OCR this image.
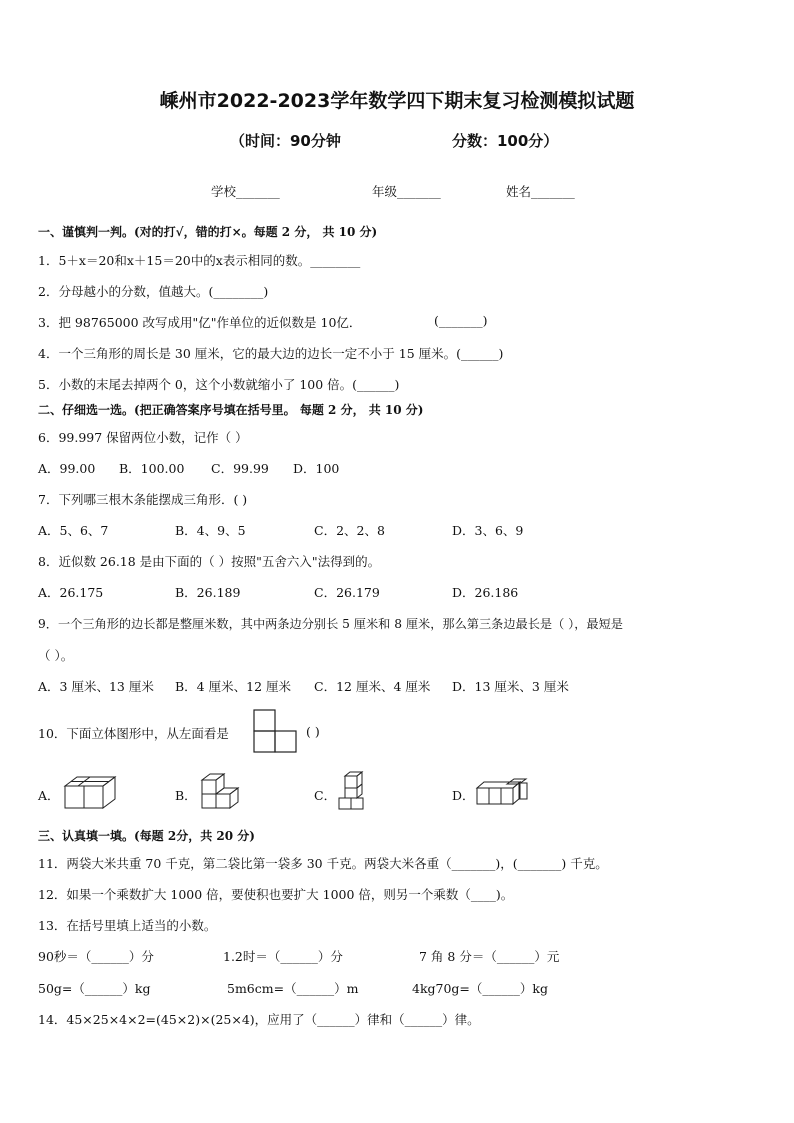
嵊州市2022-2023学年数学四下期末复习检测模拟试题
（时间：90分钟	分数：100分）
学校_______	年级_______	姓名_______
一、谨慎判一判。(对的打√，错的打×。每题 2 分， 共 10 分)
1．5＋x＝20和x＋15＝20中的x表示相同的数。________
2．分母越小的分数，值越大。(________)
3．把 98765000 改写成用"亿"作单位的近似数是 10亿．	(_______)
4．一个三角形的周长是 30 厘米，它的最大边的边长一定不小于 15 厘米。(______)
5．小数的末尾去掉两个 0，这个小数就缩小了 100 倍。(______)
二、仔细选一选。(把正确答案序号填在括号里。 每题 2 分， 共 10 分)
6．99.997 保留两位小数，记作（ ）
A．99.00 B．100.00 C．99.99 D．100
7．下列哪三根木条能摆成三角形．( )
A．5、6、7	B．4、9、5	C．2、2、8	D．3、6、9
8．近似数 26.18 是由下面的（ ）按照"五舍六入"法得到的。
A．26.175	B．26.189	C．26.179	D．26.186
9．一个三角形的边长都是整厘米数，其中两条边分别长 5 厘米和 8 厘米，那么第三条边最长是（ ），最短是
（ ）。
A．3 厘米、13 厘米 B．4 厘米、12 厘米 C．12 厘米、4 厘米 D．13 厘米、3 厘米
10．下面立体图形中，从左面看是	( )
A．	B．	C．	D．
三、认真填一填。(每题 2分，共 20 分)
11．两袋大米共重 70 千克，第二袋比第一袋多 30 千克。两袋大米各重（_______)，(_______) 千克。
12．如果一个乘数扩大 1000 倍，要使积也要扩大 1000 倍，则另一个乘数（____)。
13．在括号里填上适当的小数。
90秒＝（______）分	1.2时＝（______）分	7 角 8 分＝（______）元
50g=（______）kg	5m6cm=（______）m	4kg70g=（______）kg
14．45×25×4×2=(45×2)×(25×4)，应用了（______）律和（______）律。
